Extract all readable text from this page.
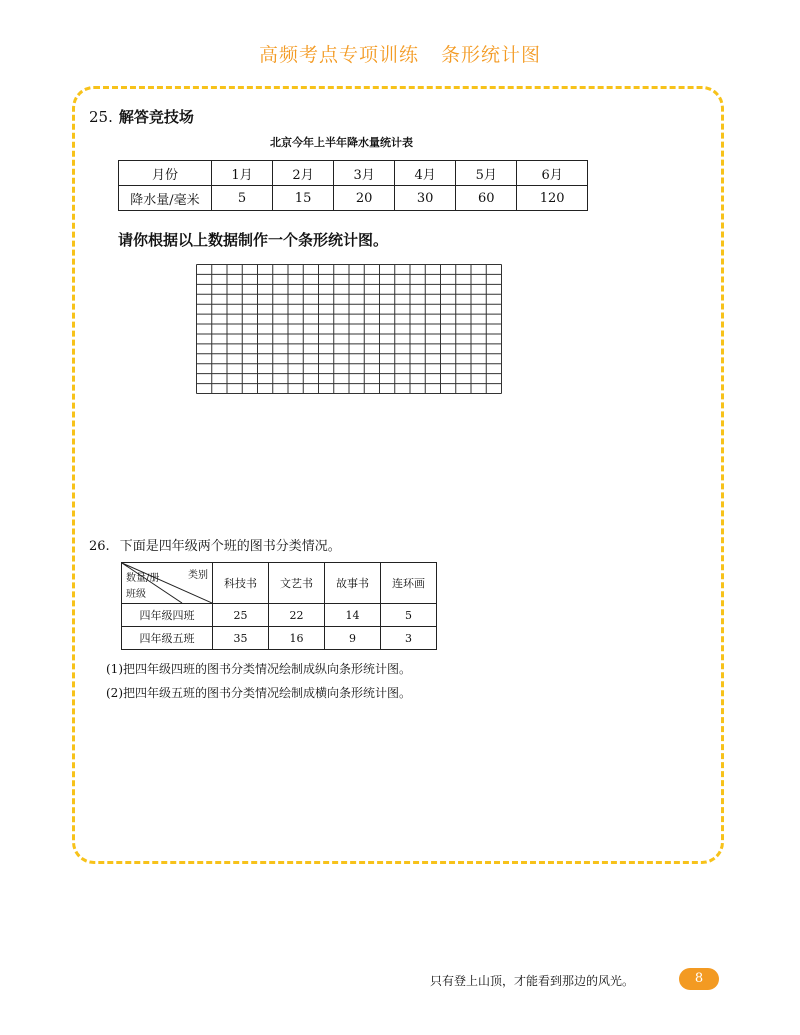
高频考点专项训练 条形统计图
25. 解答竞技场
北京今年上半年降水量统计表
月份	1月	2月	3月	4月	5月	6月
降水量/毫米	5	15	20	30	60	120
请你根据以上数据制作一个条形统计图。
26. 下面是四年级两个班的图书分类情况。
类别
数量/册
班级	科技书	文艺书	故事书	连环画
四年级四班	25	22	14	5
四年级五班	35	16	9	3
(1)把四年级四班的图书分类情况绘制成纵向条形统计图。
(2)把四年级五班的图书分类情况绘制成横向条形统计图。
只有登上山顶，才能看到那边的风光。	8
